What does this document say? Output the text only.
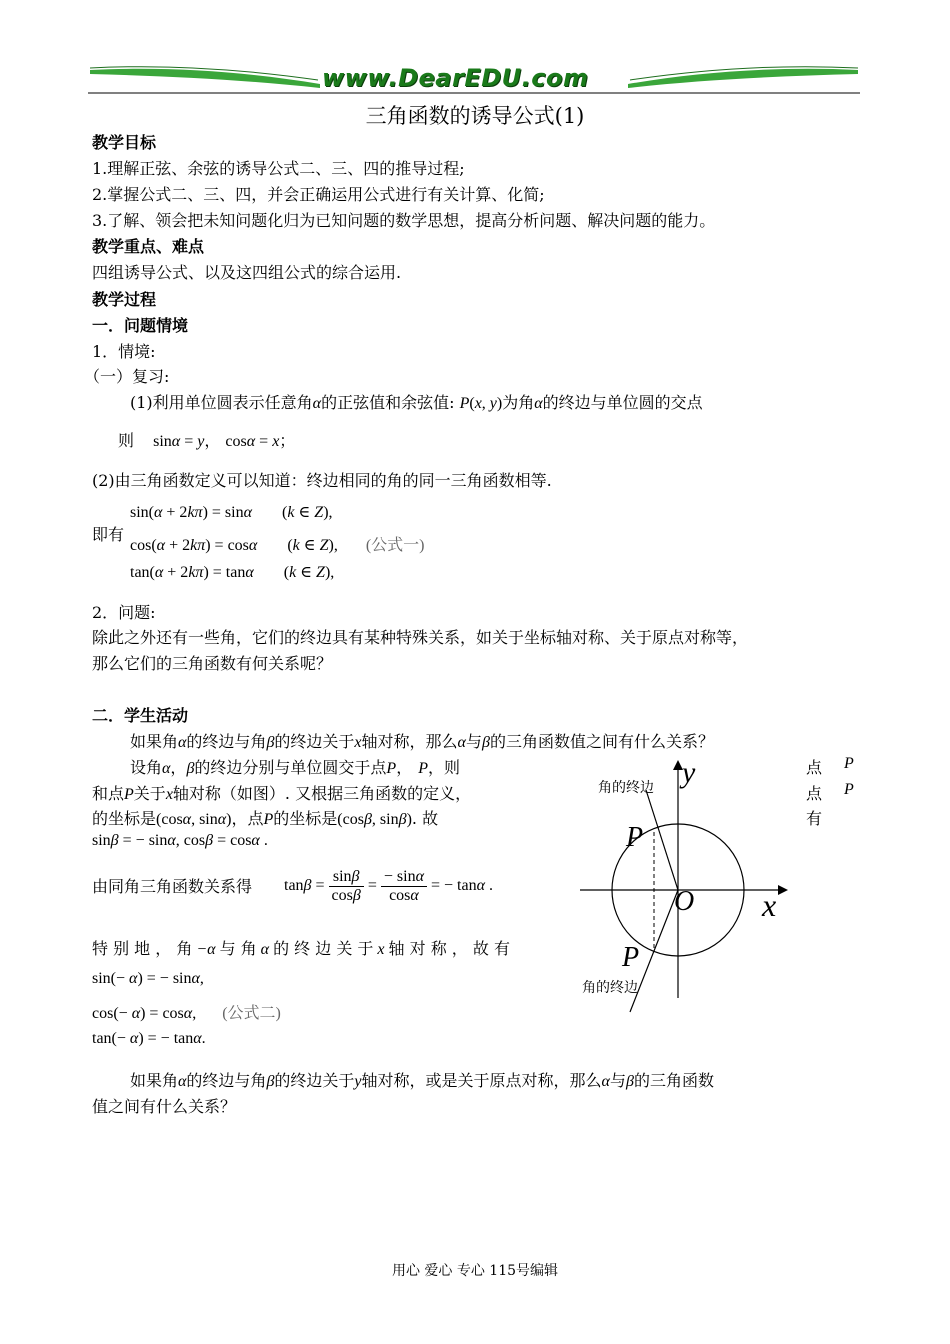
www.DearEDU.com
三角函数的诱导公式(1)
教学目标
1.理解正弦、余弦的诱导公式二、三、四的推导过程;
2.掌握公式二、三、四，并会正确运用公式进行有关计算、化简;
3.了解、领会把未知问题化归为已知问题的数学思想，提高分析问题、解决问题的能力。
教学重点、难点
四组诱导公式、以及这四组公式的综合运用.
教学过程
一．问题情境
1．情境:
（一）复习:
(1)利用单位圆表示任意角α的正弦值和余弦值: P(x, y)为角α的终边与单位圆的交点
则 sinα = y， cosα = x；
(2)由三角函数定义可以知道：终边相同的角的同一三角函数相等.
即有
sin(α + 2kπ) = sinα (k ∈ Z),
cos(α + 2kπ) = cosα (k ∈ Z), (公式一)
tan(α + 2kπ) = tanα (k ∈ Z),
2．问题:
除此之外还有一些角，它们的终边具有某种特殊关系，如关于坐标轴对称、关于原点对称等，
那么它们的三角函数有何关系呢？
二．学生活动
如果角α的终边与角β的终边关于x轴对称，那么α与β的三角函数值之间有什么关系？
设角α，β的终边分别与单位圆交于点P， P，则
和点P关于x轴对称（如图）. 又根据三角函数的定义，
的坐标是(cosα, sinα)，点P的坐标是(cosβ, sinβ). 故
sinβ = − sinα, cosβ = cosα .
点 P
点 P
有
由同角三角函数关系得 $\tan\beta = \frac{\sin\beta}{\cos\beta} = \frac{- \sin\alpha}{\cos\alpha}$ = − tanα .
特 别 地 ， 角 −α 与 角 α 的 终 边 关 于 x 轴 对 称 ， 故 有
sin(− α) = − sinα,
cos(− α) = cosα, (公式二)
tan(− α) = − tanα.
如果角α的终边与角β的终边关于y轴对称，或是关于原点对称，那么α与β的三角函数
值之间有什么关系？
角的终边
角的终边
y
x
O
P
P
用心 爱心 专心 115号编辑
